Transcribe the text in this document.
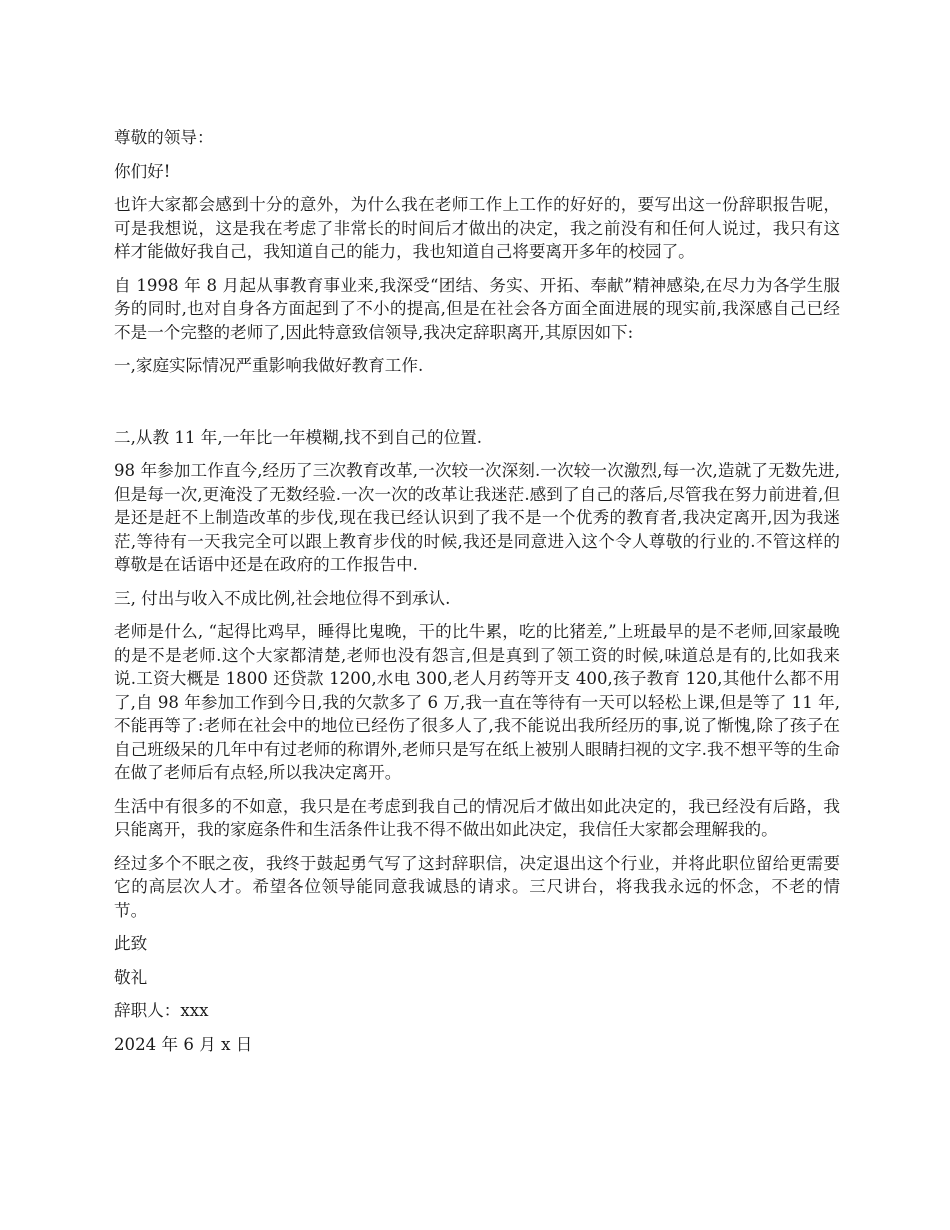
尊敬的领导：

你们好!

也许大家都会感到十分的意外，为什么我在老师工作上工作的好好的，要写出这一份辞职报告呢，可是我想说，这是我在考虑了非常长的时间后才做出的决定，我之前没有和任何人说过，我只有这样才能做好我自己，我知道自己的能力，我也知道自己将要离开多年的校园了。

自 1998 年 8 月起从事教育事业来,我深受“团结、务实、开拓、奉献”精神感染,在尽力为各学生服务的同时,也对自身各方面起到了不小的提高,但是在社会各方面全面进展的现实前,我深感自己已经不是一个完整的老师了,因此特意致信领导,我决定辞职离开,其原因如下:

一,家庭实际情况严重影响我做好教育工作.

二,从教 11 年,一年比一年模糊,找不到自己的位置.

98 年参加工作直今,经历了三次教育改革,一次较一次深刻.一次较一次激烈,每一次,造就了无数先进,但是每一次,更淹没了无数经验.一次一次的改革让我迷茫.感到了自己的落后,尽管我在努力前进着,但是还是赶不上制造改革的步伐,现在我已经认识到了我不是一个优秀的教育者,我决定离开,因为我迷茫,等待有一天我完全可以跟上教育步伐的时候,我还是同意进入这个令人尊敬的行业的.不管这样的尊敬是在话语中还是在政府的工作报告中.

三, 付出与收入不成比例,社会地位得不到承认.

老师是什么, “起得比鸡早，睡得比鬼晚，干的比牛累，吃的比猪差,”上班最早的是不老师,回家最晚的是不是老师.这个大家都清楚,老师也没有怨言,但是真到了领工资的时候,味道总是有的,比如我来说.工资大概是 1800 还贷款 1200,水电 300,老人月药等开支 400,孩子教育 120,其他什么都不用了,自 98 年参加工作到今日,我的欠款多了 6 万,我一直在等待有一天可以轻松上课,但是等了 11 年,不能再等了:老师在社会中的地位已经伤了很多人了,我不能说出我所经历的事,说了惭愧,除了孩子在自己班级呆的几年中有过老师的称谓外,老师只是写在纸上被别人眼睛扫视的文字.我不想平等的生命在做了老师后有点轻,所以我决定离开。

生活中有很多的不如意，我只是在考虑到我自己的情况后才做出如此决定的，我已经没有后路，我只能离开，我的家庭条件和生活条件让我不得不做出如此决定，我信任大家都会理解我的。

经过多个不眠之夜，我终于鼓起勇气写了这封辞职信，决定退出这个行业，并将此职位留给更需要它的高层次人才。希望各位领导能同意我诚恳的请求。三尺讲台，将我我永远的怀念，不老的情节。

此致

敬礼

辞职人：xxx

2024 年 6 月 x 日
